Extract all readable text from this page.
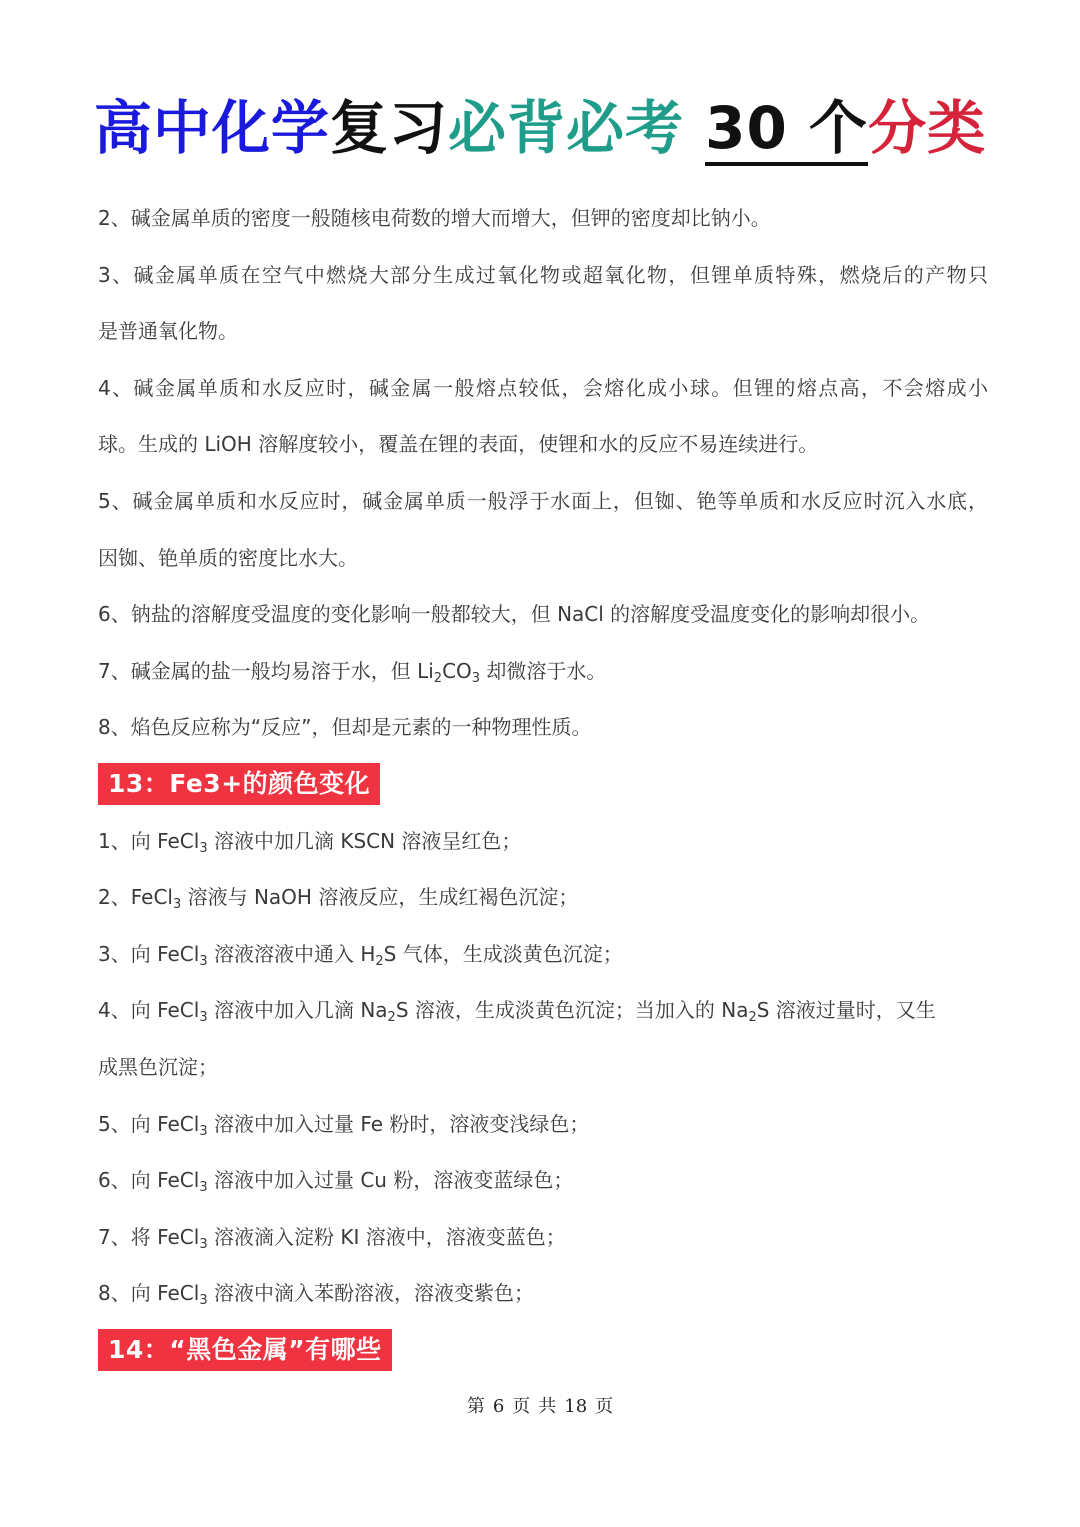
高中化学复习必背必考 30 个分类
2、碱金属单质的密度一般随核电荷数的增大而增大，但钾的密度却比钠小。
3、碱金属单质在空气中燃烧大部分生成过氧化物或超氧化物，但锂单质特殊，燃烧后的产物只
是普通氧化物。
4、碱金属单质和水反应时，碱金属一般熔点较低，会熔化成小球。但锂的熔点高，不会熔成小
球。生成的 LiOH 溶解度较小，覆盖在锂的表面，使锂和水的反应不易连续进行。
5、碱金属单质和水反应时，碱金属单质一般浮于水面上，但铷、铯等单质和水反应时沉入水底，
因铷、铯单质的密度比水大。
6、钠盐的溶解度受温度的变化影响一般都较大，但 NaCl 的溶解度受温度变化的影响却很小。
7、碱金属的盐一般均易溶于水，但 $Li_2CO_3$ 却微溶于水。
8、焰色反应称为“反应”，但却是元素的一种物理性质。
13：Fe3+的颜色变化
1、向 FeCl$_3$ 溶液中加几滴 KSCN 溶液呈红色；
2、FeCl$_3$ 溶液与 NaOH 溶液反应，生成红褐色沉淀；
3、向 FeCl$_3$ 溶液溶液中通入 $H_2S$ 气体，生成淡黄色沉淀；
4、向 FeCl$_3$ 溶液中加入几滴 $Na_2S$ 溶液，生成淡黄色沉淀；当加入的 $Na_2S$ 溶液过量时，又生
成黑色沉淀；
5、向 FeCl$_3$ 溶液中加入过量 Fe 粉时，溶液变浅绿色；
6、向 FeCl$_3$ 溶液中加入过量 Cu 粉，溶液变蓝绿色；
7、将 FeCl$_3$ 溶液滴入淀粉 KI 溶液中，溶液变蓝色；
8、向 FeCl$_3$ 溶液中滴入苯酚溶液，溶液变紫色；
14：“黑色金属”有哪些
第 6 页 共 18 页
